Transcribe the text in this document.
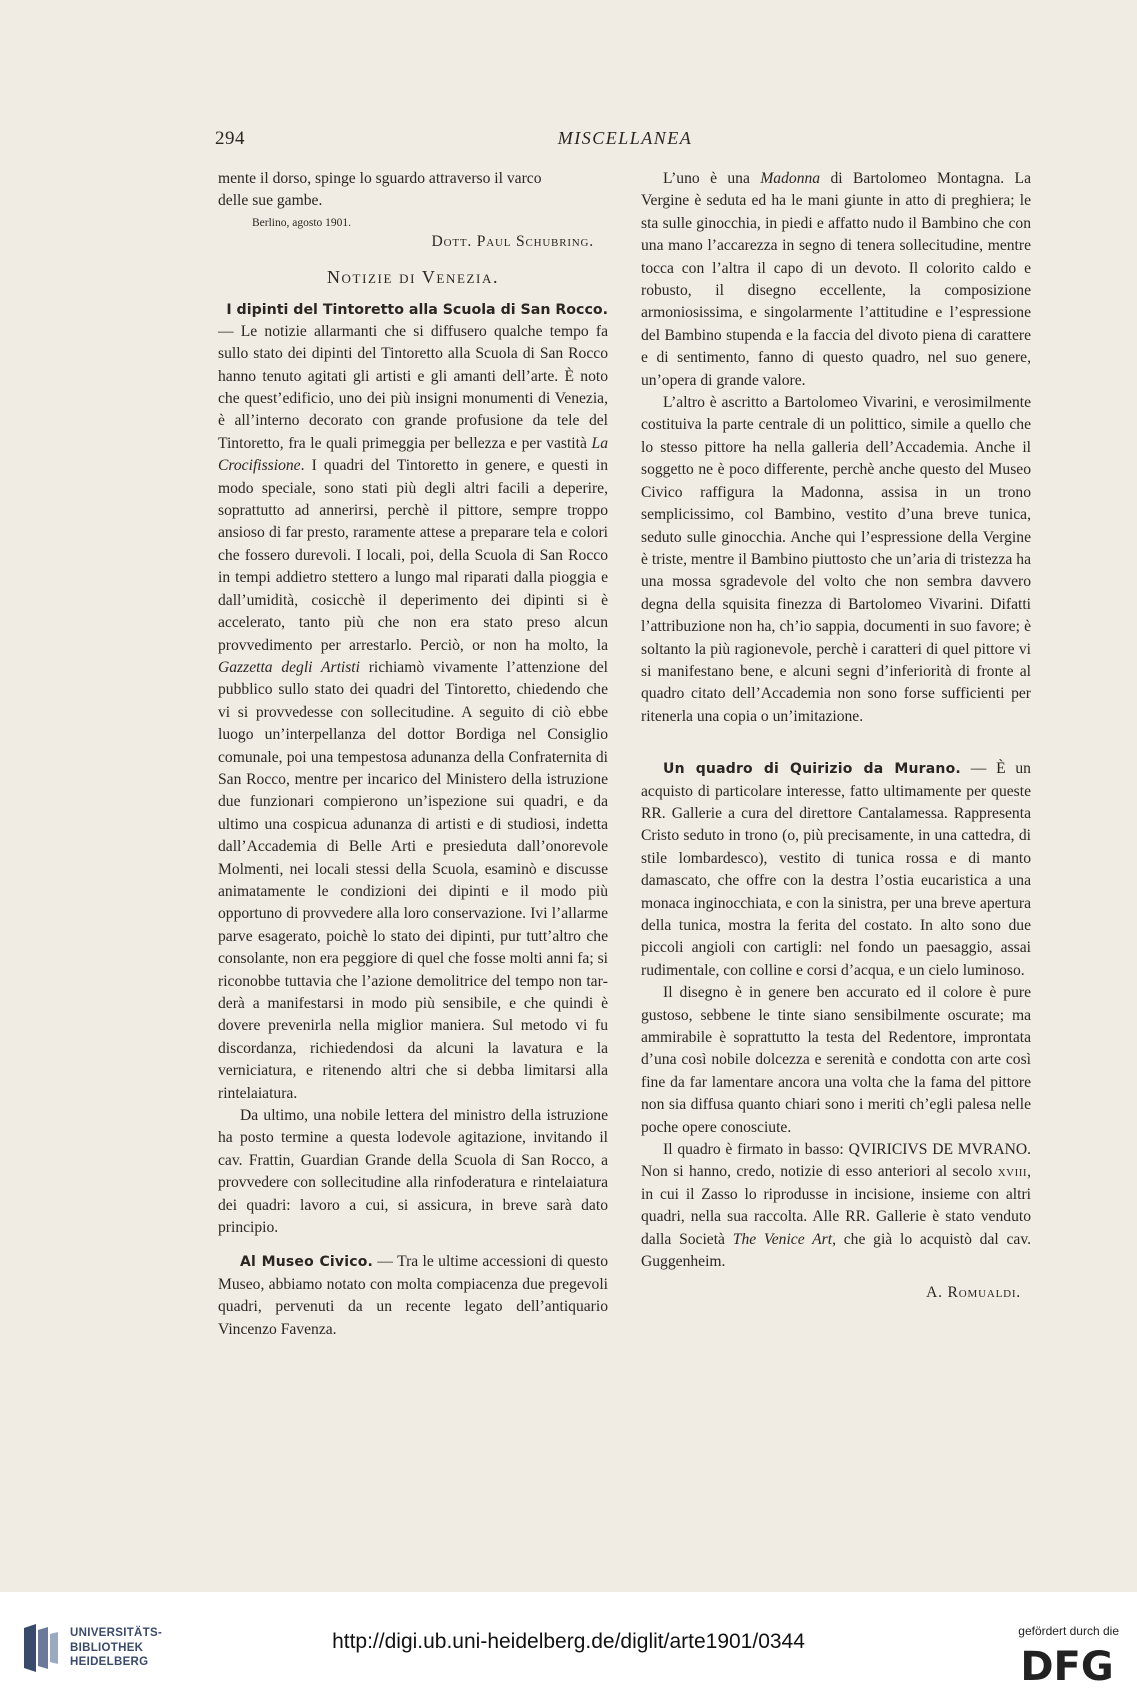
294	MISCELLANEA

mente il dorso, spinge lo sguardo attraverso il varco
delle sue gambe.

Berlino, agosto 1901.
Dott. Paul Schubring.
Notizie di Venezia.
I dipinti del Tintoretto alla Scuola di San Rocco.

— Le notizie allarmanti che si diffusero qualche tempo fa sullo stato dei dipinti del Tintoretto alla Scuola di San Rocco hanno tenuto agitati gli artisti e gli amanti dell’arte. È noto che quest’edificio, uno dei più insigni monumenti di Venezia, è all’interno decorato con grande profusione da tele del Tintoretto, fra le quali primeggia per bellezza e per vastità La Crocifissione. I quadri del Tintoretto in genere, e questi in modo speciale, sono stati più degli altri facili a deperire, soprattutto ad annerirsi, perchè il pittore, sempre troppo ansioso di far presto, raramente attese a preparare tela e colori che fossero durevoli. I locali, poi, della Scuola di San Rocco in tempi addietro stettero a lungo mal riparati dalla pioggia e dall’umidità, cosicchè il deperimento dei dipinti si è accelerato, tanto più che non era stato preso alcun provvedimento per arrestarlo. Perciò, or non ha molto, la Gazzetta degli Artisti richiamò vivamente l’attenzione del pubblico sullo stato dei quadri del Tintoretto, chiedendo che vi si provvedesse con sollecitudine. A seguito di ciò ebbe luogo un’interpellanza del dottor Bordiga nel Consiglio comunale, poi una tempestosa adunanza della Confraternita di San Rocco, mentre per incarico del Ministero della istruzione due funzionari compierono un’ispezione sui quadri, e da ultimo una cospicua adunanza di artisti e di studiosi, indetta dall’Accademia di Belle Arti e presieduta dall’onorevole Molmenti, nei locali stessi della Scuola, esaminò e discusse animatamente le condizioni dei dipinti e il modo più opportuno di provvedere alla loro conservazione. Ivi l’allarme parve esagerato, poichè lo stato dei dipinti, pur tutt’altro che consolante, non era peggiore di quel che fosse molti anni fa; si riconobbe tuttavia che l’azione demolitrice del tempo non tarderà a manifestarsi in modo più sensibile, e che quindi è dovere prevenirla nella miglior maniera. Sul metodo vi fu discordanza, richiedendosi da alcuni la lavatura e la verniciatura, e ritenendo altri che si debba limitarsi alla rintelaiatura.

Da ultimo, una nobile lettera del ministro della istruzione ha posto termine a questa lodevole agitazione, invitando il cav. Frattin, Guardian Grande della Scuola di San Rocco, a provvedere con sollecitudine alla rinfoderatura e rintelaiatura dei quadri: lavoro a cui, si assicura, in breve sarà dato principio.

Al Museo Civico. — Tra le ultime accessioni di questo Museo, abbiamo notato con molta compiacenza due pregevoli quadri, pervenuti da un recente legato dell’antiquario Vincenzo Favenza.

L’uno è una Madonna di Bartolomeo Montagna. La Vergine è seduta ed ha le mani giunte in atto di preghiera; le sta sulle ginocchia, in piedi e affatto nudo il Bambino che con una mano l’accarezza in segno di tenera sollecitudine, mentre tocca con l’altra il capo di un devoto. Il colorito caldo e robusto, il disegno eccellente, la composizione armoniosissima, e singolarmente l’attitudine e l’espressione del Bambino stupenda e la faccia del divoto piena di carattere e di sentimento, fanno di questo quadro, nel suo genere, un’opera di grande valore.

L’altro è ascritto a Bartolomeo Vivarini, e verosimilmente costituiva la parte centrale di un polittico, simile a quello che lo stesso pittore ha nella galleria dell’Accademia. Anche il soggetto ne è poco differente, perchè anche questo del Museo Civico raffigura la Madonna, assisa in un trono semplicissimo, col Bambino, vestito d’una breve tunica, seduto sulle ginocchia. Anche qui l’espressione della Vergine è triste, mentre il Bambino piuttosto che un’aria di tristezza ha una mossa sgradevole del volto che non sembra davvero degna della squisita finezza di Bartolomeo Vivarini. Difatti l’attribuzione non ha, ch’io sappia, documenti in suo favore; è soltanto la più ragionevole, perchè i caratteri di quel pittore vi si manifestano bene, e alcuni segni d’inferiorità di fronte al quadro citato dell’Accademia non sono forse sufficienti per ritenerla una copia o un’imitazione.

Un quadro di Quirizio da Murano. — È un acquisto di particolare interesse, fatto ultimamente per queste RR. Gallerie a cura del direttore Cantalamessa. Rappresenta Cristo seduto in trono (o, più precisamente, in una cattedra, di stile lombardesco), vestito di tunica rossa e di manto damascato, che offre con la destra l’ostia eucaristica a una monaca inginocchiata, e con la sinistra, per una breve apertura della tunica, mostra la ferita del costato. In alto sono due piccoli angioli con cartigli: nel fondo un paesaggio, assai rudimentale, con colline e corsi d’acqua, e un cielo luminoso.

Il disegno è in genere ben accurato ed il colore è pure gustoso, sebbene le tinte siano sensibilmente oscurate; ma ammirabile è soprattutto la testa del Redentore, improntata d’una così nobile dolcezza e serenità e condotta con arte così fine da far lamentare ancora una volta che la fama del pittore non sia diffusa quanto chiari sono i meriti ch’egli palesa nelle poche opere conosciute.

Il quadro è firmato in basso: QVIRICIVS DE MVRANO. Non si hanno, credo, notizie di esso anteriori al secolo xviii, in cui il Zasso lo riprodusse in incisione, insieme con altri quadri, nella sua raccolta. Alle RR. Gallerie è stato venduto dalla Società The Venice Art, che già lo acquistò dal cav. Guggenheim.

A. Romualdi.
UNIVERSITÄTS-
BIBLIOTHEK
HEIDELBERG
http://digi.ub.uni-heidelberg.de/diglit/arte1901/0344	gefördert durch die
DFG
